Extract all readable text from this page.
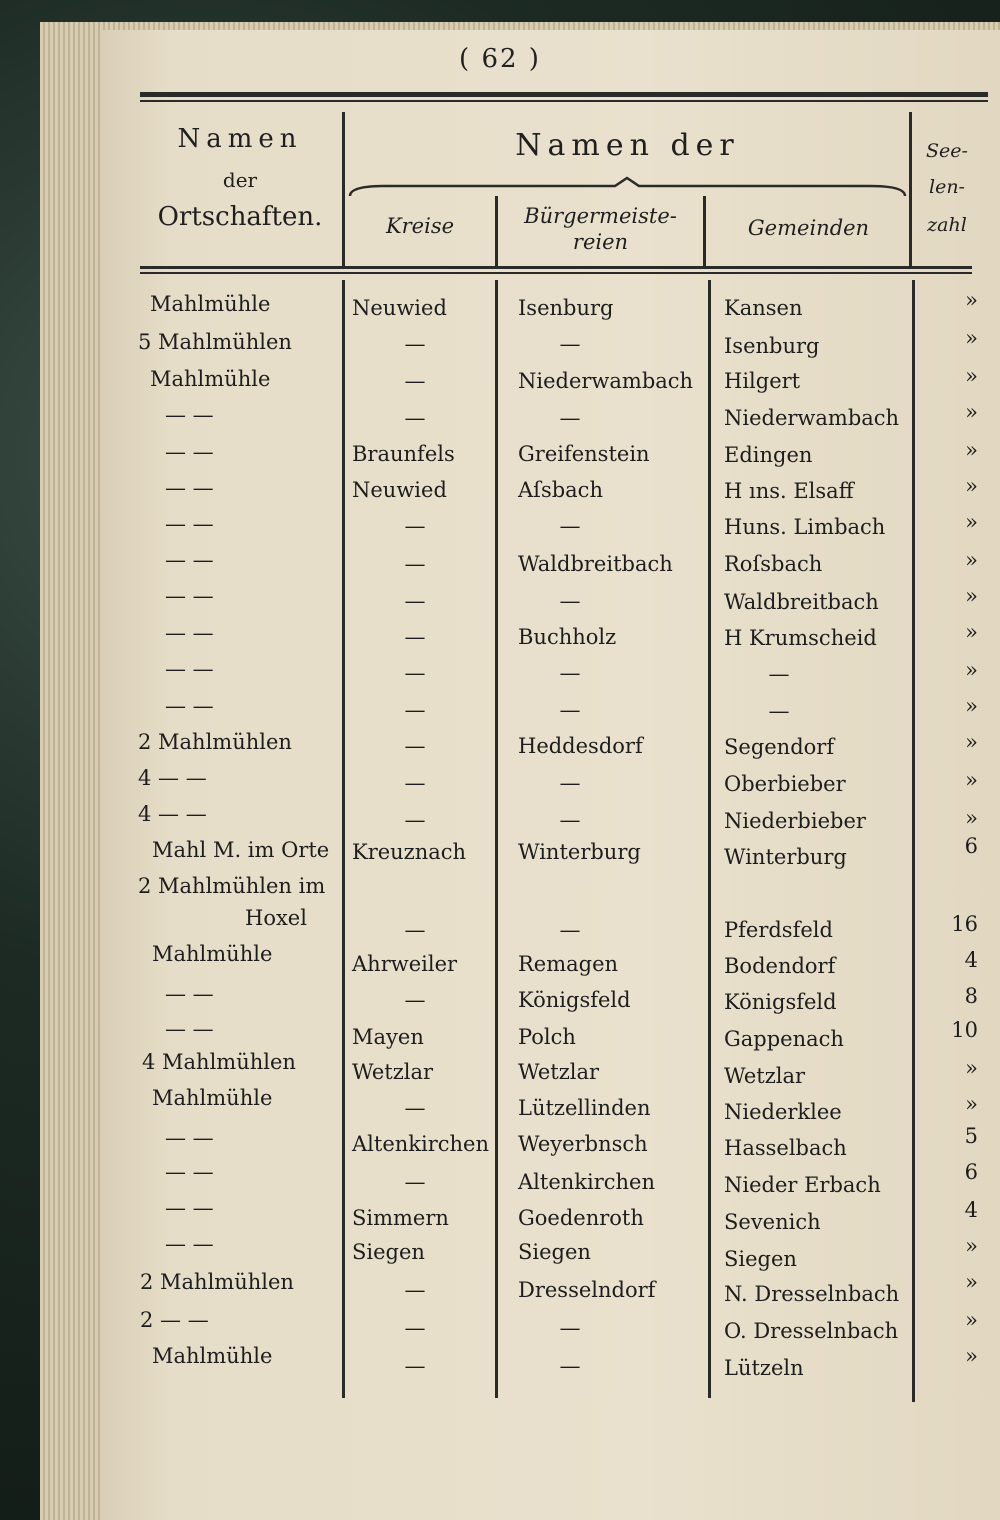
( 62 )
Namen
der
Ortschaften.
Namen der
Kreise	Bürgermeiste-
reien
Gemeinden
See-
len-
zahl
Mahlmühle
5 Mahlmühlen
Mahlmühle
— —
— —
— —
— —
— —
— —
— —
— —
— —
2 Mahlmühlen
4 — —
4 — —
Mahl M. im Orte
2 Mahlmühlen im
Hoxel
Mahlmühle
— —
— —
4 Mahlmühlen
Mahlmühle
— —
— —
— —
— —
2 Mahlmühlen
2 — —
Mahlmühle
Neuwied
—
—
—
Braunfels
Neuwied
—
—
—
—
—
—
—
—
—
Kreuznach
—
Ahrweiler
—
Mayen
Wetzlar
—
Altenkirchen
—
Simmern
Siegen
—
—
—
Isenburg
—
Niederwambach
—
Greifenstein
Aſsbach
—
Waldbreitbach
—
Buchholz
—
—
Heddesdorf
—
—
Winterburg
—
Remagen
Königsfeld
Polch
Wetzlar
Lützellinden
Weyerbnsch
Altenkirchen
Goedenroth
Siegen
Dresselndorf
—
—
Kansen
Isenburg
Hilgert
Niederwambach
Edingen
H ıns. Elsaff
Huns. Limbach
Roſsbach
Waldbreitbach
H Krumscheid
—
—
Segendorf
Oberbieber
Niederbieber
Winterburg
Pferdsfeld
Bodendorf
Königsfeld
Gappenach
Wetzlar
Niederklee
Hasselbach
Nieder Erbach
Sevenich
Siegen
N. Dresselnbach
O. Dresselnbach
Lützeln
»
»
»
»
»
»
»
»
»
»
»
»
»
»
»
6
16
4
8
10
»
»
5
6
4
»
»
»
»
